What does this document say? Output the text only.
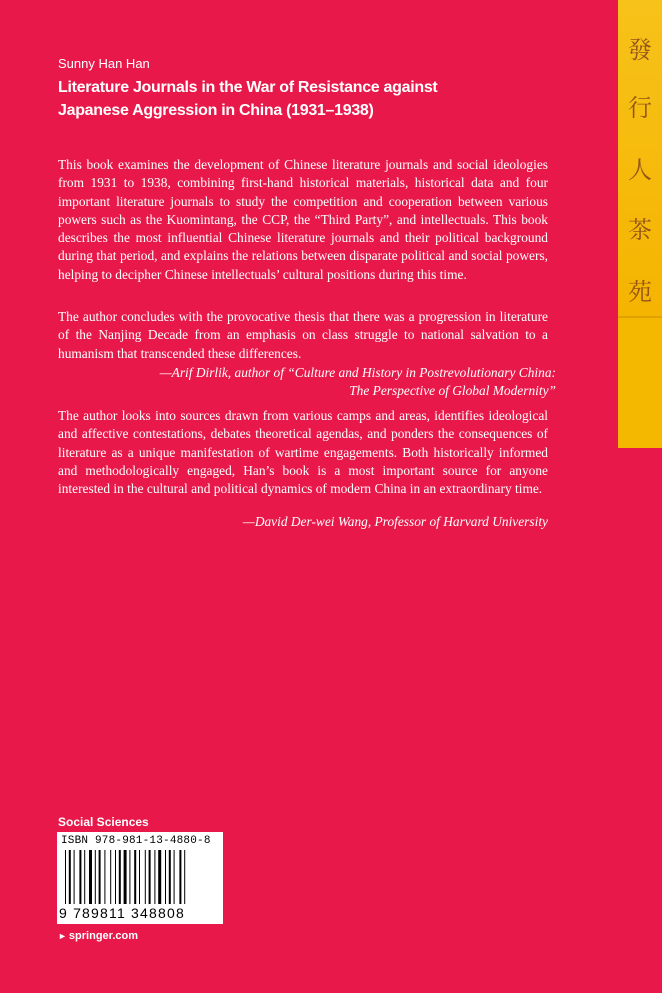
發
行
人
茶
苑
Sunny Han Han
Literature Journals in the War of Resistance against
Japanese Aggression in China (1931–1938)
This book examines the development of Chinese literature journals and social ideologies from 1931 to 1938, combining first-hand historical materials, historical data and four important literature journals to study the competition and cooperation between various powers such as the Kuomintang, the CCP, the “Third Party”, and intellectuals. This book describes the most influential Chinese literature journals and their political background during that period, and explains the relations between disparate political and social powers, helping to decipher Chinese intellectuals’ cultural positions during this time.
The author concludes with the provocative thesis that there was a progression in literature of the Nanjing Decade from an emphasis on class struggle to national salvation to a humanism that transcended these differences.
—Arif Dirlik, author of “Culture and History in Postrevolutionary China:
The Perspective of Global Modernity”
The author looks into sources drawn from various camps and areas, identifies ideological and affective contestations, debates theoretical agendas, and ponders the consequences of literature as a unique manifestation of wartime engagements. Both historically informed and methodologically engaged, Han’s book is a most important source for anyone interested in the cultural and political dynamics of modern China in an extraordinary time.
—David Der-wei Wang, Professor of Harvard University
Social Sciences
ISBN 978-981-13-4880-8
9 789811 348808
► springer.com
